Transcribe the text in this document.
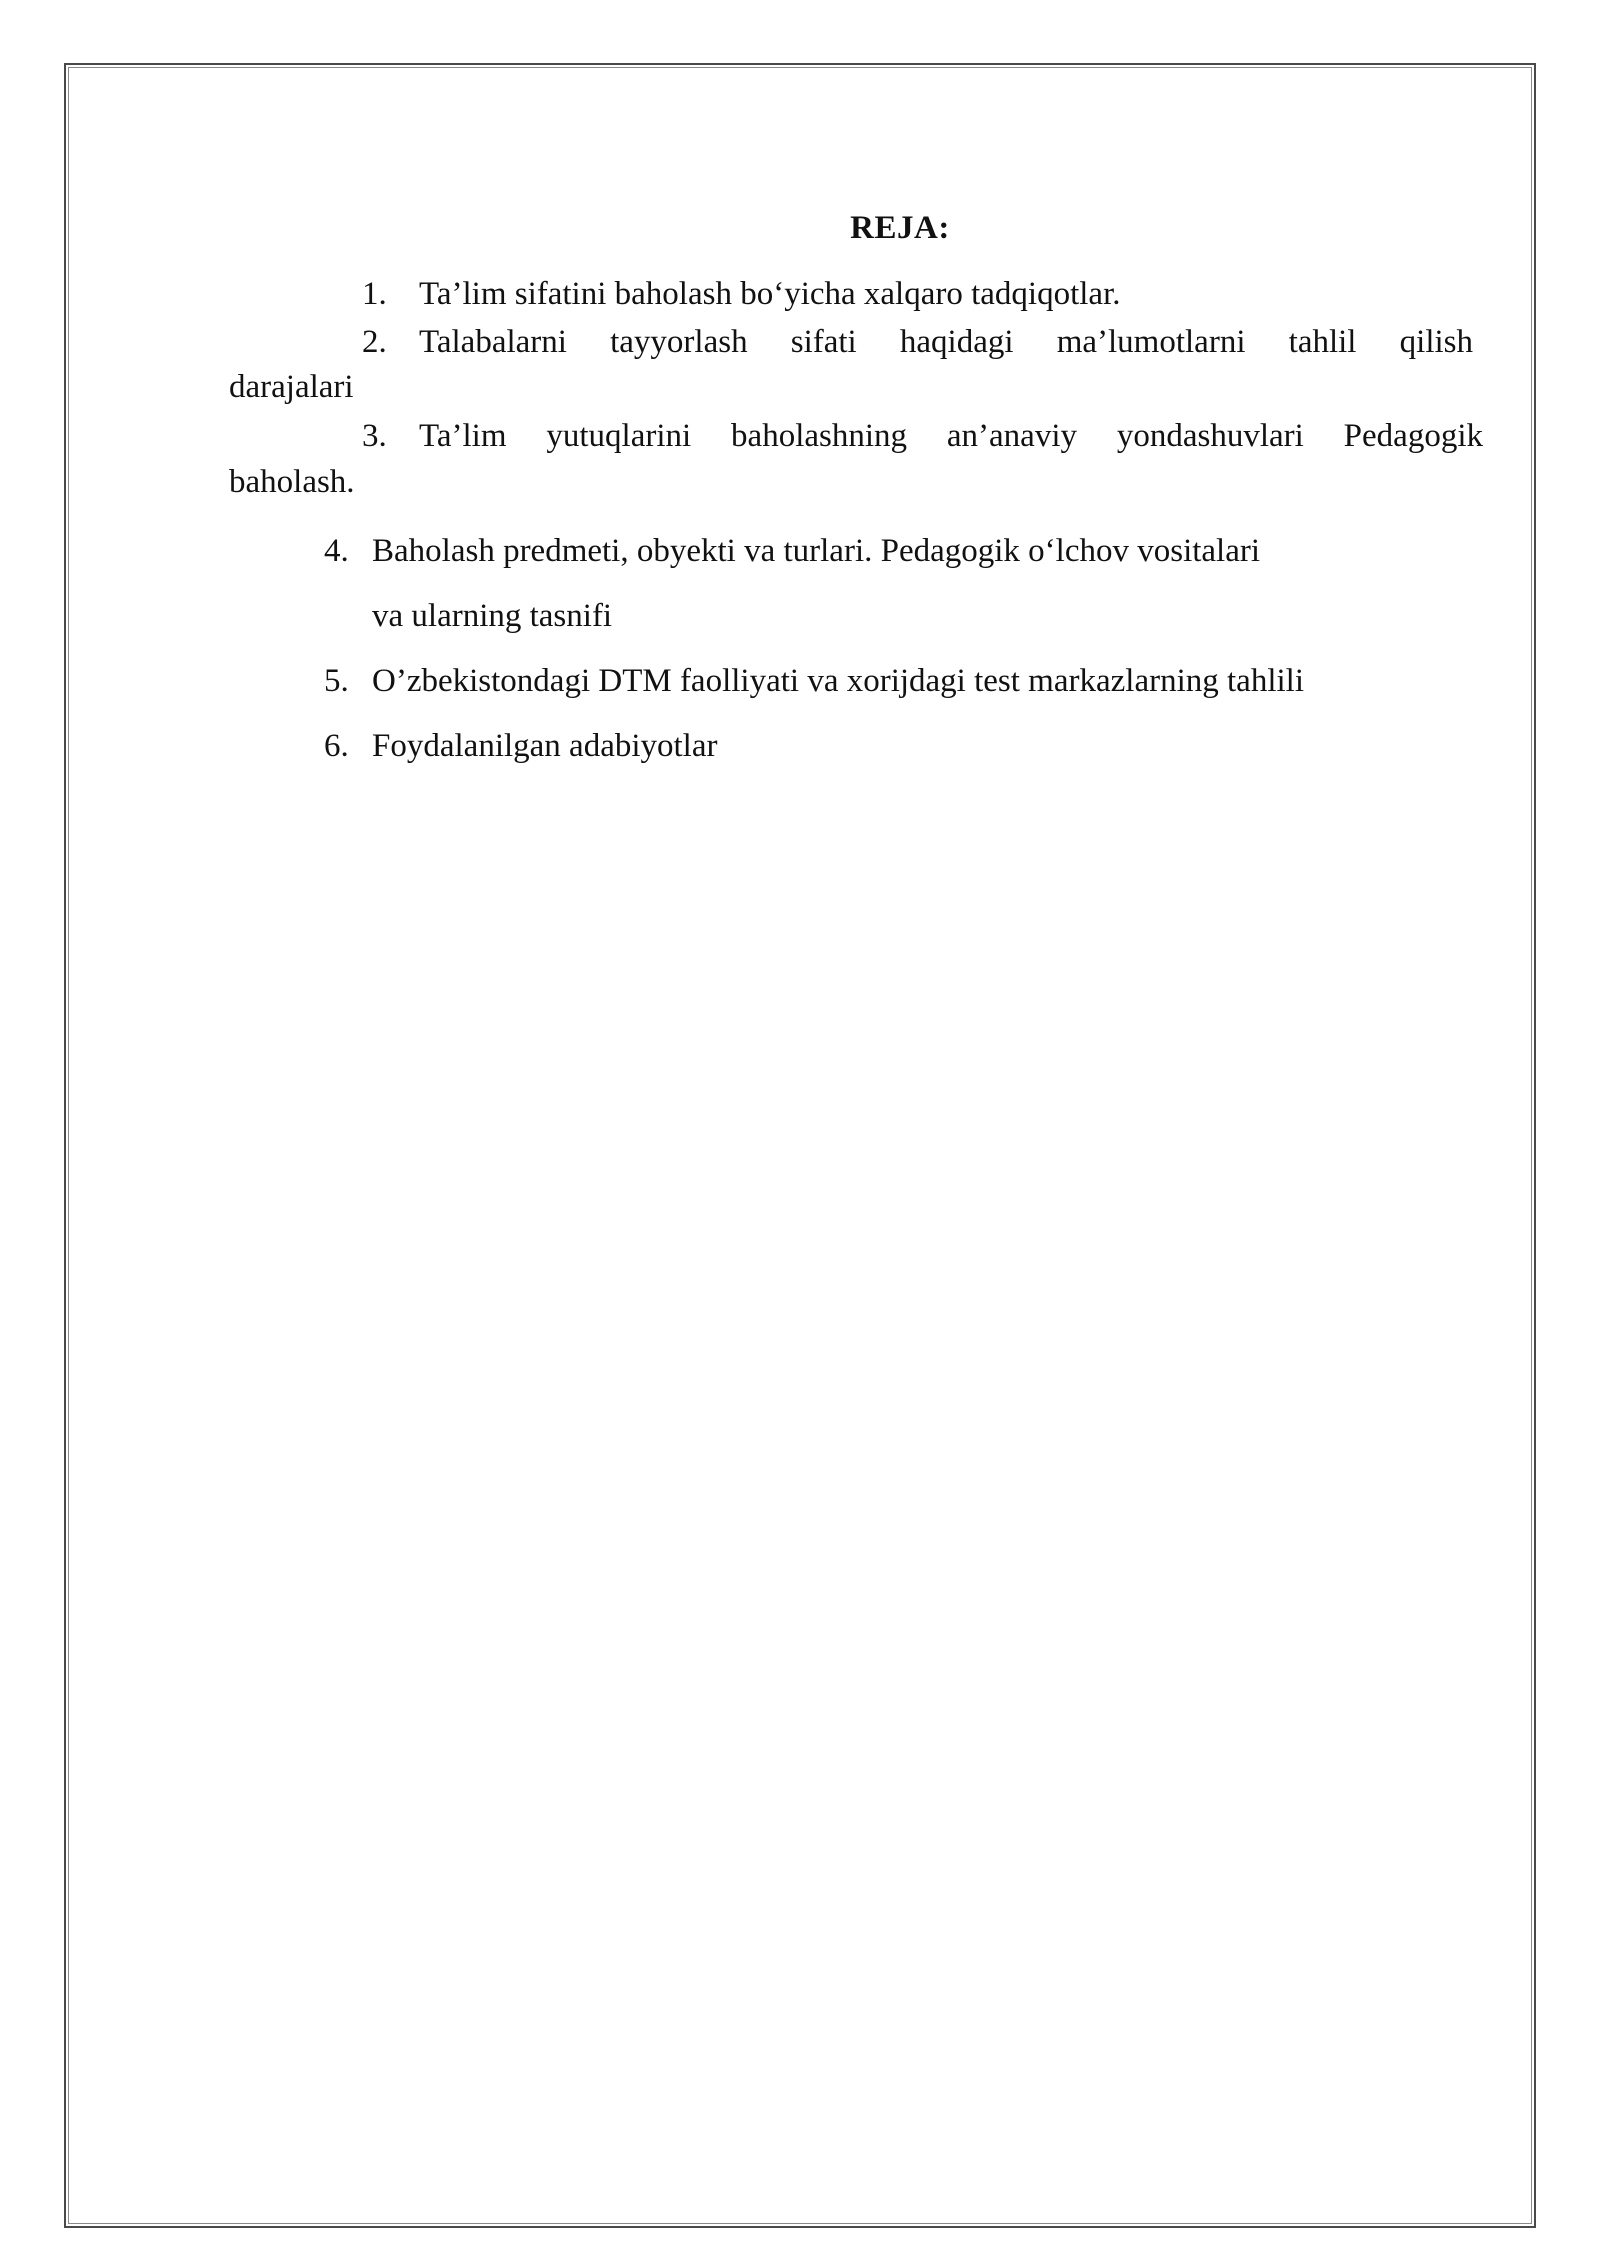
REJA:
1. Ta’lim sifatini baholash bo‘yicha xalqaro tadqiqotlar.

2. Talabalarni tayyorlash sifati haqidagi ma’lumotlarni tahlil qilish

darajalari

3. Ta’lim yutuqlarini baholashning an’anaviy yondashuvlari Pedagogik

baholash.

4. Baholash predmeti, obyekti va turlari. Pedagogik o‘lchov vositalari

va ularning tasnifi

5. O’zbekistondagi DTM faolliyati va xorijdagi test markazlarning tahlili

6. Foydalanilgan adabiyotlar
